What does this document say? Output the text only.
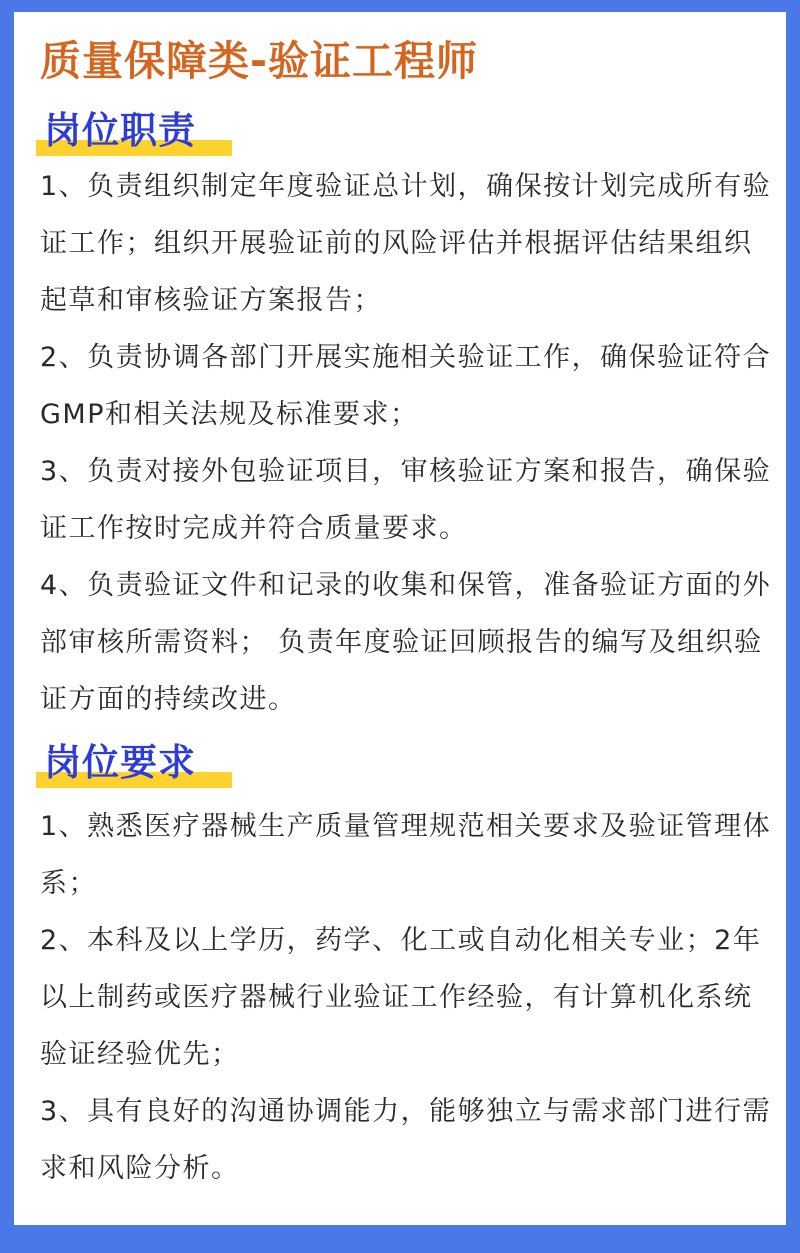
质量保障类-验证工程师
岗位职责

1、负责组织制定年度验证总计划，确保按计划完成所有验证工作；组织开展验证前的风险评估并根据评估结果组织起草和审核验证方案报告；

2、负责协调各部门开展实施相关验证工作，确保验证符合GMP和相关法规及标准要求；

3、负责对接外包验证项目，审核验证方案和报告，确保验证工作按时完成并符合质量要求。

4、负责验证文件和记录的收集和保管，准备验证方面的外部审核所需资料； 负责年度验证回顾报告的编写及组织验证方面的持续改进。

岗位要求

1、熟悉医疗器械生产质量管理规范相关要求及验证管理体系；

2、本科及以上学历，药学、化工或自动化相关专业；2年以上制药或医疗器械行业验证工作经验，有计算机化系统验证经验优先；

3、具有良好的沟通协调能力，能够独立与需求部门进行需求和风险分析。
